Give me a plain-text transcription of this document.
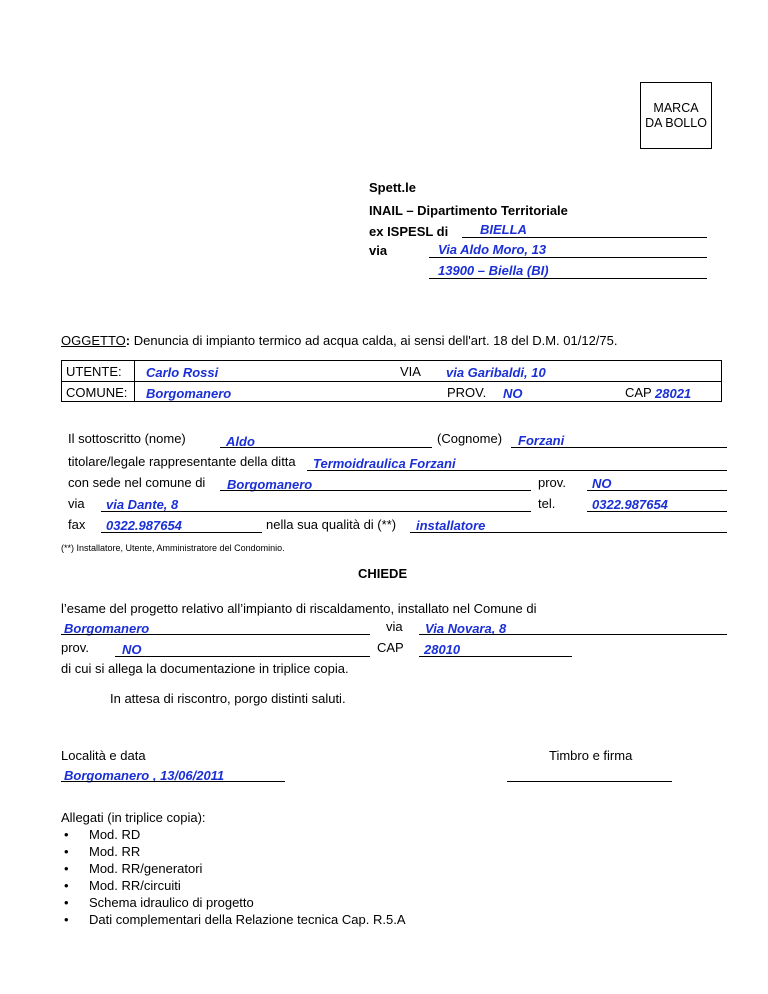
MARCA
DA BOLLO
Spett.le
INAIL – Dipartimento Territoriale
ex ISPESL di BIELLA
via	Via Aldo Moro, 13
13900 – Biella (BI)
OGGETTO: Denuncia di impianto termico ad acqua calda, ai sensi dell'art. 18 del D.M. 01/12/75.
UTENTE: Carlo Rossi	VIA via Garibaldi, 10
COMUNE: Borgomanero	PROV. NO	CAP 28021
Il sottoscritto (nome)	Aldo	(Cognome) Forzani
titolare/legale rappresentante della ditta Termoidraulica Forzani
con sede nel comune di Borgomanero	prov. NO
via via Dante, 8	tel.	0322.987654
fax 0322.987654	nella sua qualità di (**) installatore
(**) Installatore, Utente, Amministratore del Condominio.
CHIEDE
l’esame del progetto relativo all’impianto di riscaldamento, installato nel Comune di
Borgomanero	via Via Novara, 8
prov.	NO	CAP 28010
di cui si allega la documentazione in triplice copia.
In attesa di riscontro, porgo distinti saluti.
Località e data
Borgomanero , 13/06/2011
Timbro e firma
Allegati (in triplice copia):
• Mod. RD
• Mod. RR
• Mod. RR/generatori
• Mod. RR/circuiti
• Schema idraulico di progetto
• Dati complementari della Relazione tecnica Cap. R.5.A
